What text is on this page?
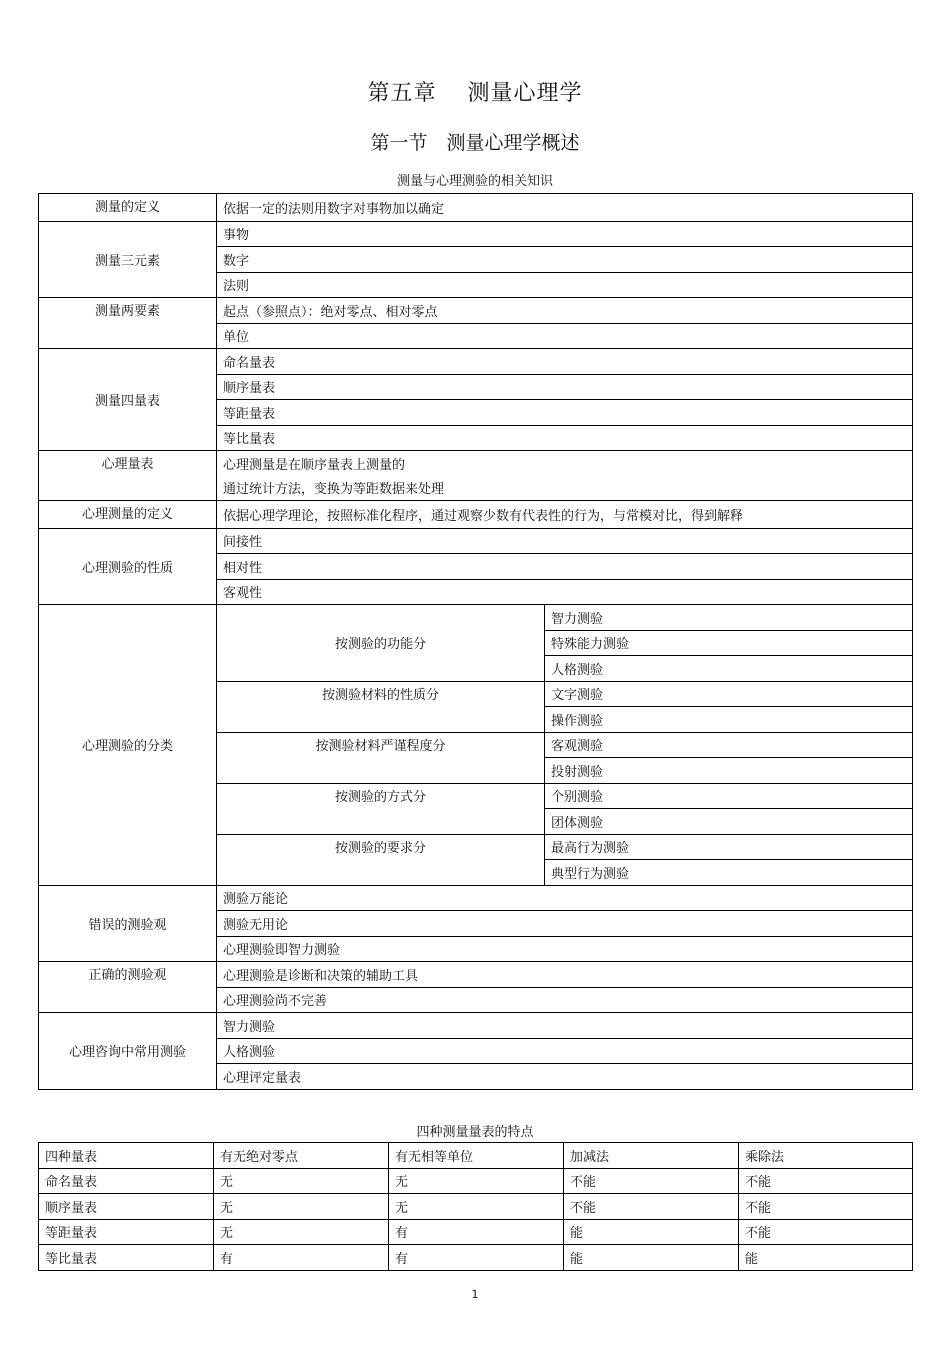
第五章　 测量心理学
第一节　测量心理学概述
测量与心理测验的相关知识
测量的定义	依据一定的法则用数字对事物加以确定	
测量三元素	事物	
	数字	
	法则	
测量两要素	起点（参照点）：绝对零点、相对零点	
	单位	
测量四量表	命名量表	
	顺序量表	
	等距量表	
	等比量表	
心理量表	心理测量是在顺序量表上测量的	
	通过统计方法，变换为等距数据来处理	
心理测量的定义	依据心理学理论，按照标准化程序，通过观察少数有代表性的行为，与常模对比，得到解释	
心理测验的性质	间接性	
	相对性	
	客观性	
心理测验的分类	按测验的功能分	智力测验
		特殊能力测验
		人格测验
	按测验材料的性质分	文字测验
		操作测验
	按测验材料严谨程度分	客观测验
		投射测验
	按测验的方式分	个别测验
		团体测验
	按测验的要求分	最高行为测验
		典型行为测验
错误的测验观	测验万能论	
	测验无用论	
	心理测验即智力测验	
正确的测验观	心理测验是诊断和决策的辅助工具	
	心理测验尚不完善	
心理咨询中常用测验	智力测验	
	人格测验	
	心理评定量表	
四种测量量表的特点
四种量表	有无绝对零点	有无相等单位	加减法	乘除法
命名量表	无	无	不能	不能
顺序量表	无	无	不能	不能
等距量表	无	有	能	不能
等比量表	有	有	能	能
1
